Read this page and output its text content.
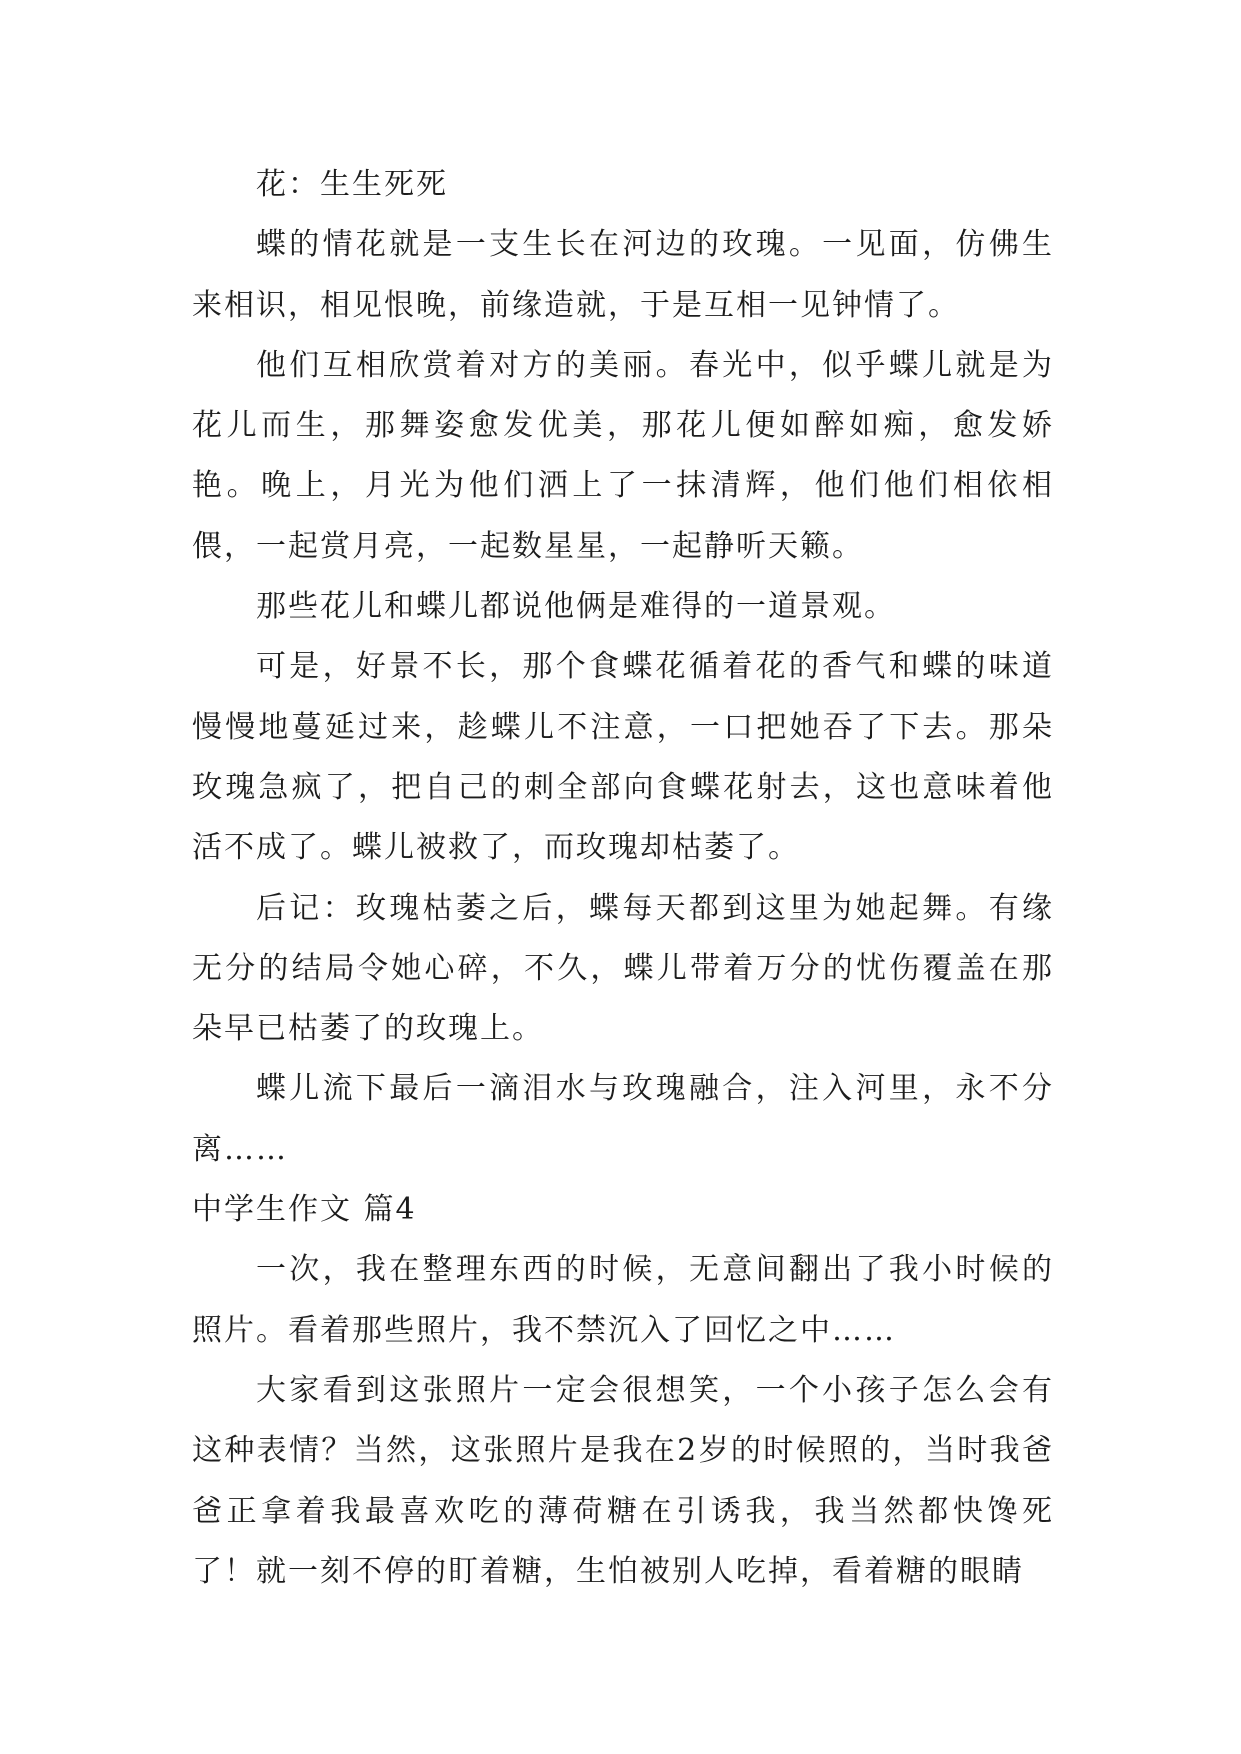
花：生生死死

蝶的情花就是一支生长在河边的玫瑰。一见面，仿佛生来相识，相见恨晚，前缘造就，于是互相一见钟情了。

他们互相欣赏着对方的美丽。春光中，似乎蝶儿就是为花儿而生，那舞姿愈发优美，那花儿便如醉如痴，愈发娇艳。晚上，月光为他们洒上了一抹清辉，他们他们相依相偎，一起赏月亮，一起数星星，一起静听天籁。

那些花儿和蝶儿都说他俩是难得的一道景观。

可是，好景不长，那个食蝶花循着花的香气和蝶的味道慢慢地蔓延过来，趁蝶儿不注意，一口把她吞了下去。那朵玫瑰急疯了，把自己的刺全部向食蝶花射去，这也意味着他活不成了。蝶儿被救了，而玫瑰却枯萎了。

后记：玫瑰枯萎之后，蝶每天都到这里为她起舞。有缘无分的结局令她心碎，不久，蝶儿带着万分的忧伤覆盖在那朵早已枯萎了的玫瑰上。

蝶儿流下最后一滴泪水与玫瑰融合，注入河里，永不分离……

中学生作文 篇4

一次，我在整理东西的时候，无意间翻出了我小时候的照片。看着那些照片，我不禁沉入了回忆之中……

大家看到这张照片一定会很想笑，一个小孩子怎么会有这种表情？当然，这张照片是我在2岁的时候照的，当时我爸爸正拿着我最喜欢吃的薄荷糖在引诱我，我当然都快馋死了！就一刻不停的盯着糖，生怕被别人吃掉，看着糖的眼睛
